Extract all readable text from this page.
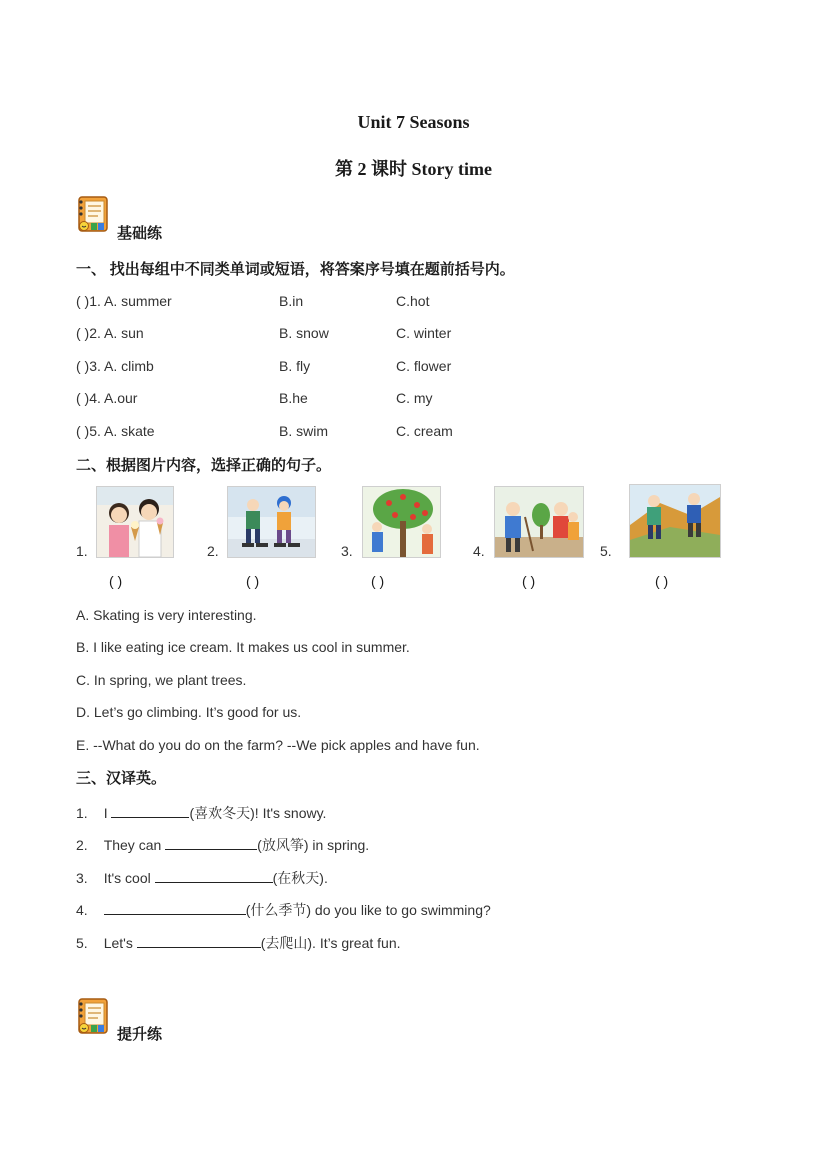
Unit 7 Seasons
第 2 课时 Story time
基础练
一、 找出每组中不同类单词或短语，将答案序号填在题前括号内。
( )1. A. summer	B.in	C.hot
( )2. A. sun	B. snow	C. winter
( )3. A. climb	B. fly	C. flower
( )4. A.our	B.he	C. my
( )5. A. skate	B. swim	C. cream
二、根据图片内容，选择正确的句子。
1.	2.	3.	4.	5.
( )	( )	( )	( )	( )
A. Skating is very interesting.
B. I like eating ice cream. It makes us cool in summer.
C. In spring, we plant trees.
D. Let’s go climbing. It’s good for us.
E. --What do you do on the farm? --We pick apples and have fun.
三、汉译英。
1. I	(喜欢冬天)! It's snowy.
2. They can	(放风筝) in spring.
3. It's cool	(在秋天).
4.	(什么季节) do you like to go swimming?
5. Let's	(去爬山). It’s great fun.
提升练
